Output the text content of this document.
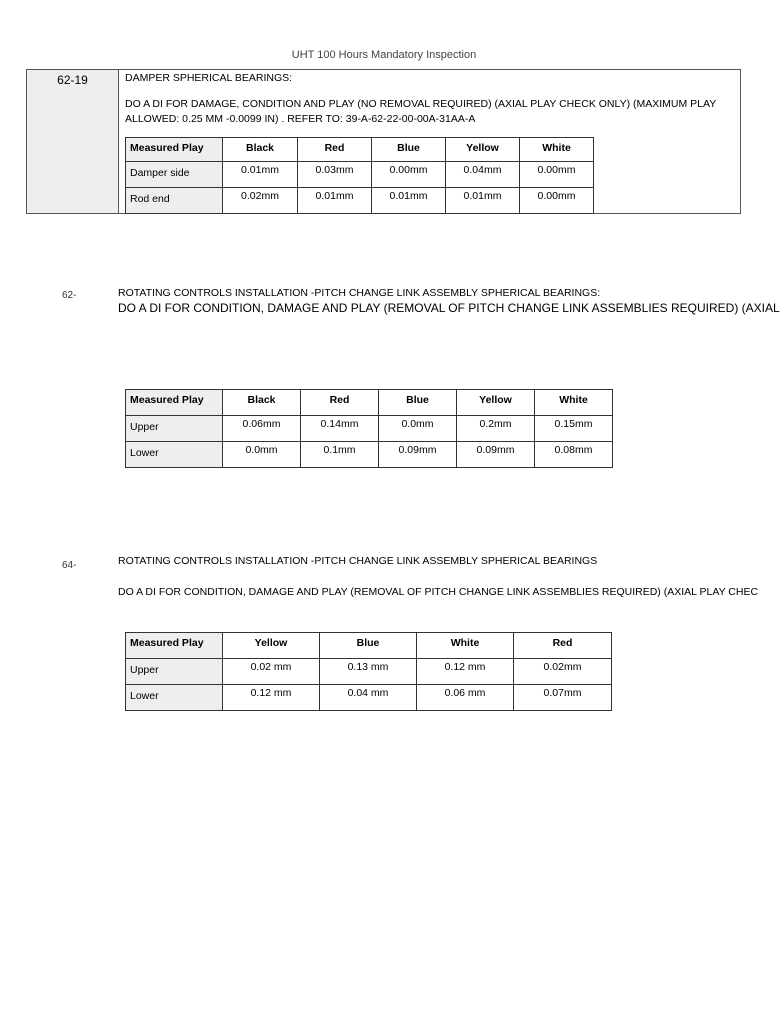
UHT 100 Hours Mandatory Inspection
62-19	DAMPER SPHERICAL BEARINGS:
DO A DI FOR DAMAGE, CONDITION AND PLAY (NO REMOVAL REQUIRED) (AXIAL PLAY CHECK ONLY) (MAXIMUM PLAY ALLOWED: 0.25 MM -0.0099 IN) . REFER TO: 39-A-62-22-00-00A-31AA-A
Measured Play	Black	Red	Blue	Yellow	White
Damper side	0.01mm	0.03mm	0.00mm	0.04mm	0.00mm
Rod end	0.02mm	0.01mm	0.01mm	0.01mm	0.00mm
62-	ROTATING CONTROLS INSTALLATION -PITCH CHANGE LINK ASSEMBLY SPHERICAL BEARINGS:
DO A DI FOR CONDITION, DAMAGE AND PLAY (REMOVAL OF PITCH CHANGE LINK ASSEMBLIES REQUIRED) (AXIAL
Measured Play	Black	Red	Blue	Yellow	White
Upper	0.06mm	0.14mm	0.0mm	0.2mm	0.15mm
Lower	0.0mm	0.1mm	0.09mm	0.09mm	0.08mm
64-	ROTATING CONTROLS INSTALLATION -PITCH CHANGE LINK ASSEMBLY SPHERICAL BEARINGS
DO A DI FOR CONDITION, DAMAGE AND PLAY (REMOVAL OF PITCH CHANGE LINK ASSEMBLIES REQUIRED) (AXIAL PLAY CHEC
Measured Play	Yellow	Blue	White	Red
Upper	0.02 mm	0.13 mm	0.12 mm	0.02mm
Lower	0.12 mm	0.04 mm	0.06 mm	0.07mm
